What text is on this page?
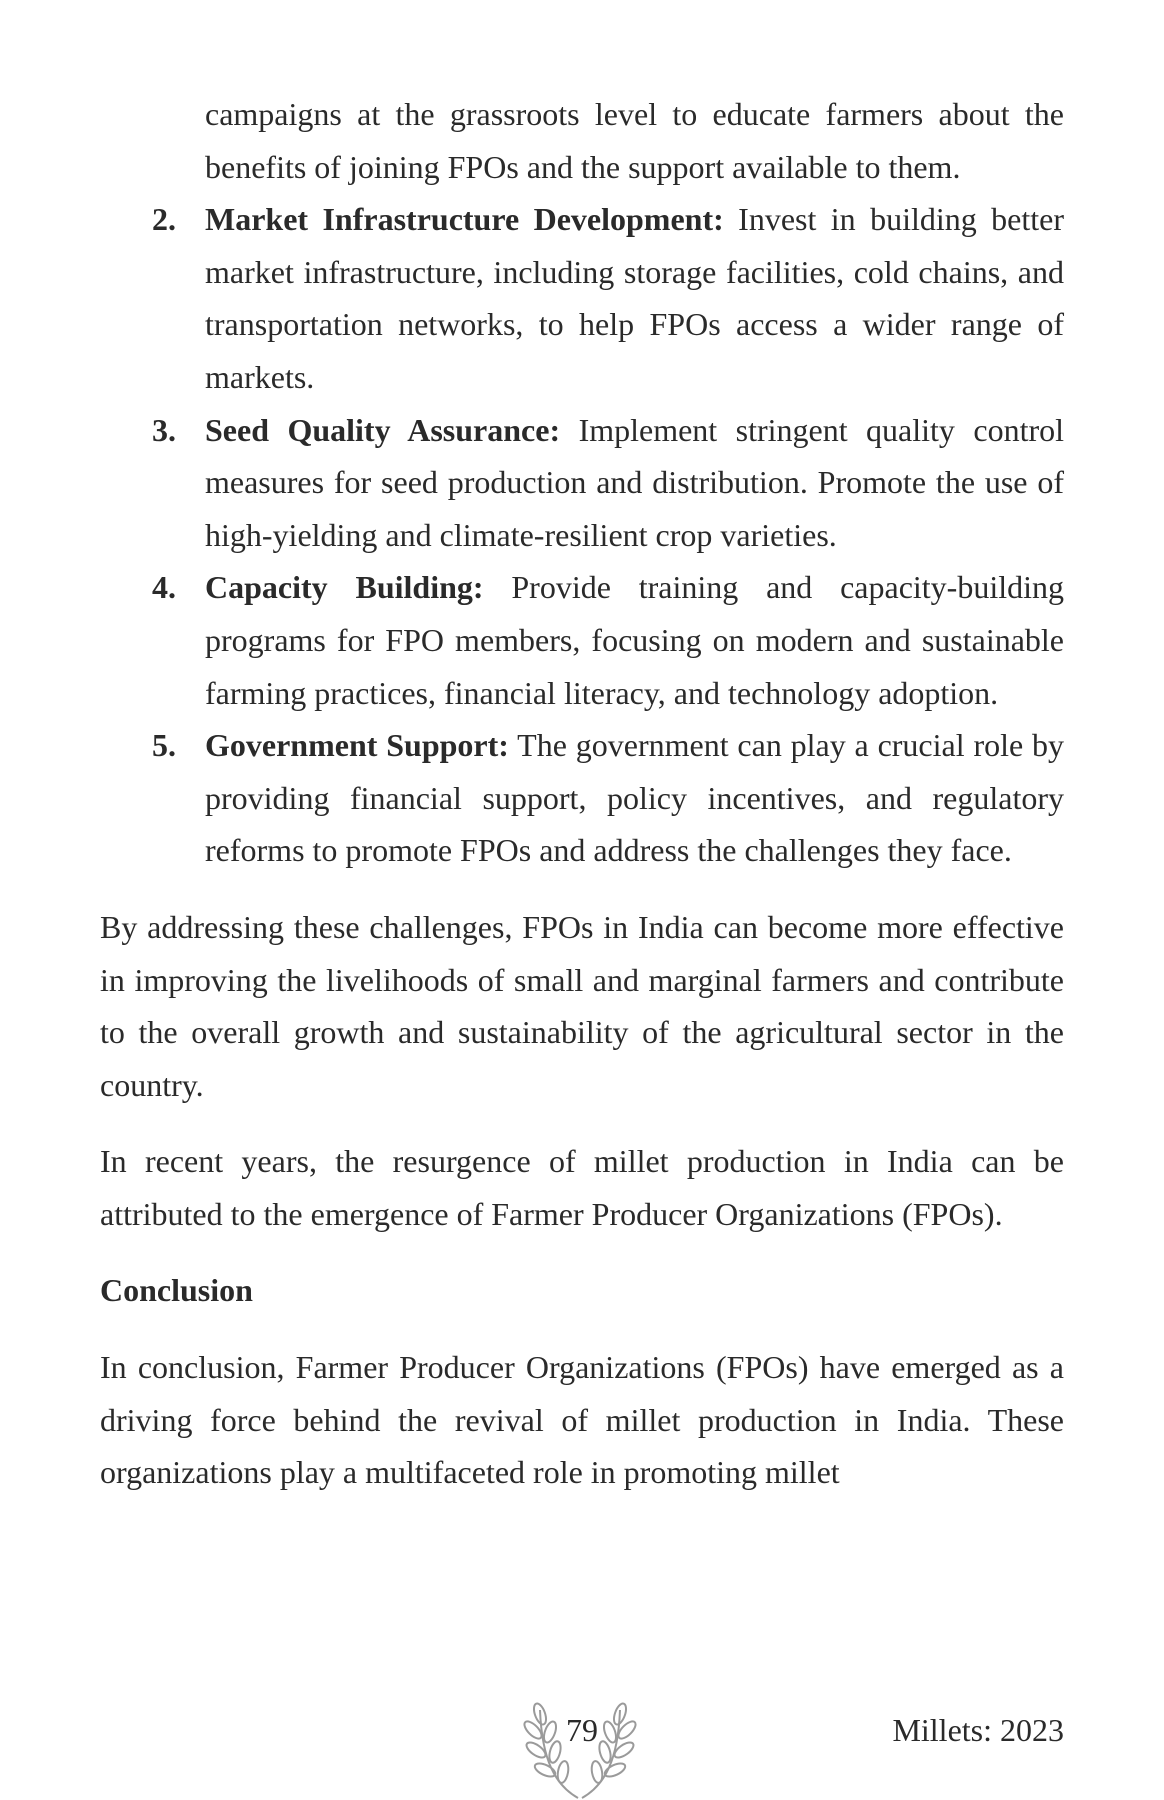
campaigns at the grassroots level to educate farmers about the benefits of joining FPOs and the support available to them.

2. Market Infrastructure Development: Invest in building better market infrastructure, including storage facilities, cold chains, and transportation networks, to help FPOs access a wider range of markets.
3. Seed Quality Assurance: Implement stringent quality control measures for seed production and distribution. Promote the use of high-yielding and climate-resilient crop varieties.
4. Capacity Building: Provide training and capacity-building programs for FPO members, focusing on modern and sustainable farming practices, financial literacy, and technology adoption.
5. Government Support: The government can play a crucial role by providing financial support, policy incentives, and regulatory reforms to promote FPOs and address the challenges they face.

By addressing these challenges, FPOs in India can become more effective in improving the livelihoods of small and marginal farmers and contribute to the overall growth and sustainability of the agricultural sector in the country.

In recent years, the resurgence of millet production in India can be attributed to the emergence of Farmer Producer Organizations (FPOs).

Conclusion

In conclusion, Farmer Producer Organizations (FPOs) have emerged as a driving force behind the revival of millet production in India. These organizations play a multifaceted role in promoting millet

79	Millets: 2023
